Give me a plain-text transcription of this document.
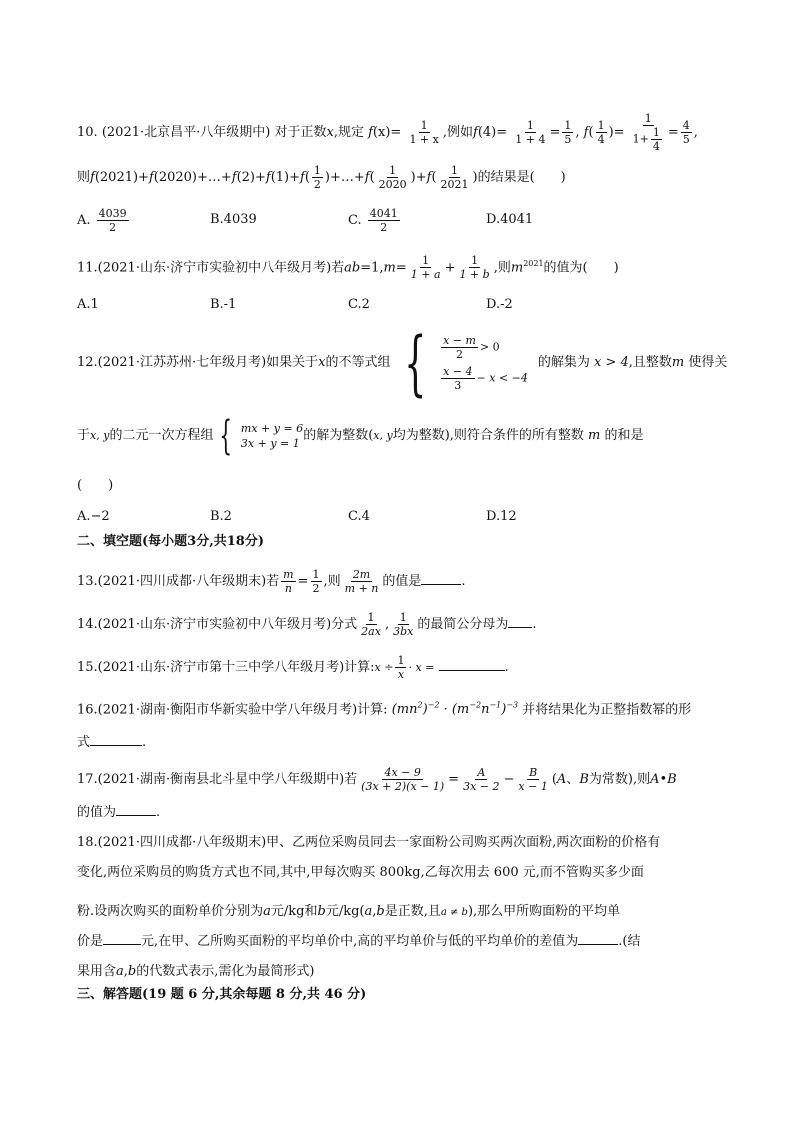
10. (2021·北京昌平·八年级期中) 对于正数x,规定 $f(x)= \frac{1}{1 + x}$ ,例如$f(4)= \frac{1}{1 + 4} = \frac{1}{5}$ , $f( \frac{1}{4}$ )= $\frac{1}{1+ \frac{1}{4}} = \frac{4}{5}$ ,
则f(2021)+f(2020)+…+f(2)+f(1)+f( $\frac{1}{2}$ )+…+f( $\frac{1}{2020} )+f( \frac{1}{2021}$ )的结果是(　　)
A. $\frac{4039}{2}$	B.4039	C. $\frac{4041}{2}$	D.4041
11.(2021·山东·济宁市实验初中八年级月考)若$ab=1,m= \frac{1}{1 + a} + \frac{1}{1 + b}$ ,则$m^{2021}$的值为(　　)
A.1	B.-1	C.2	D.-2
12.(2021·江苏苏州·七年级月考)如果关于 x 的不等式组 { $\frac{x - m}{2} > 0$
$\frac{x - 4}{3} - x < -4$
的解集为
x > 4 ,且整数 m
使得关
于 x, y 的二元一次方程组 { mx + y = 6
3x + y = 1
的解为整数( x, y 均为整数),则符合条件的所有整数
m
的和是
(　　)
A.−2	B.2	C.4	D.12
二、填空题(每小题3分,共18分)
13.(2021·四川成都·八年级期末)若 $\frac{m}{n} = \frac{1}{2}$ ,则 $\frac{2m}{m + n}$ 的值是	.
14.(2021·山东·济宁市实验初中八年级月考)分式 $\frac{1}{2ax}$ , $\frac{1}{3bx}$ 的最简公分母为 .
15.(2021·山东·济宁市第十三中学八年级月考)计算:x ÷ $\frac{1}{x} \cdot x$ =	.
16.(2021·湖南·衡阳市华新实验中学八年级月考)计算: $(mn^2)^{-2} \cdot (m^{-2}n^{-1})^{-3}$ 并将结果化为正整指数幂的形
式	.
17.(2021·湖南·衡南县北斗星中学八年级期中)若 $\frac{4x - 9}{(3x + 2)(x - 1)} = \frac{A}{3x - 2} - \frac{B}{x - 1} (A$、B为常数),则A•B
的值为	.
18.(2021·四川成都·八年级期末)甲、乙两位采购员同去一家面粉公司购买两次面粉,两次面粉的价格有
变化,两位采购员的购货方式也不同,其中,甲每次购买 800kg,乙每次用去 600 元,而不管购买多少面
粉.设两次购买的面粉单价分别为a元/kg和b元/kg(a,b是正数,且a ≠ b),那么甲所购面粉的平均单
价是	元,在甲、乙所购买面粉的平均单价中,高的平均单价与低的平均单价的差值为	.(结
果用含a,b的代数式表示,需化为最简形式)
三、解答题(19 题 6 分,其余每题 8 分,共 46 分)
